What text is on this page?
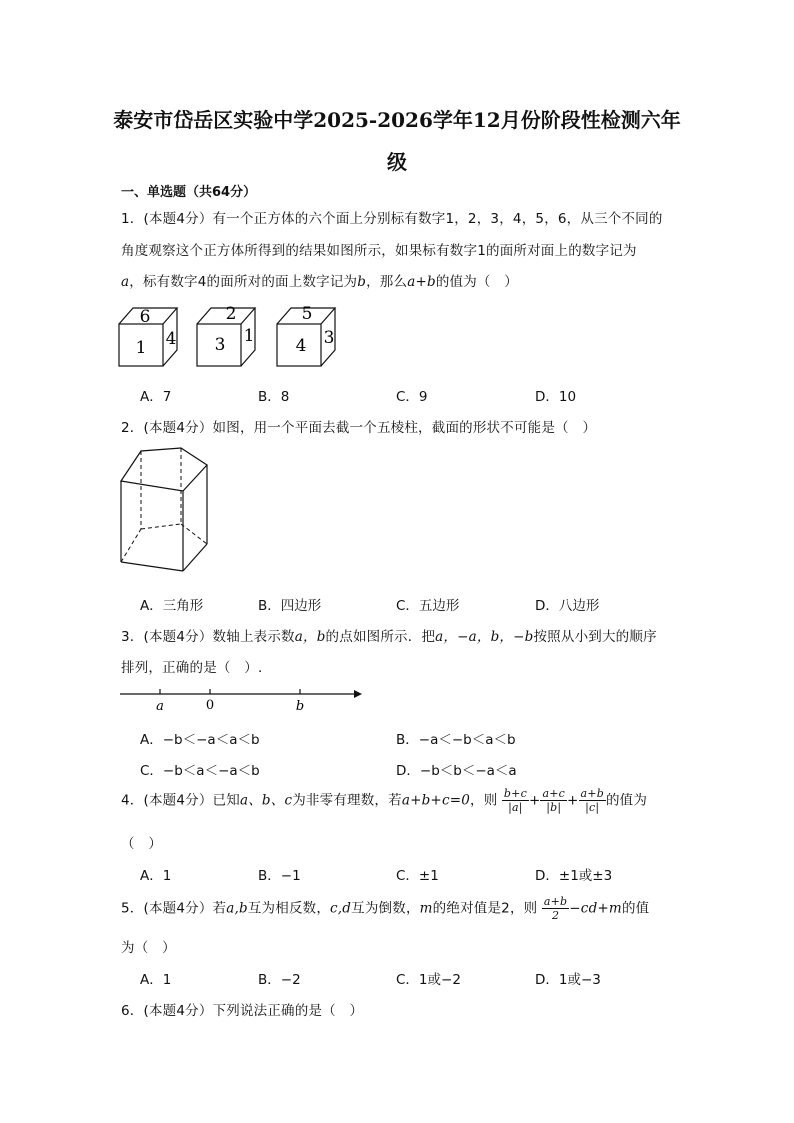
泰安市岱岳区实验中学2025-2026学年12月份阶段性检测六年
级
一、单选题（共64分）
1．(本题4分）有一个正方体的六个面上分别标有数字1，2，3，4，5，6，从三个不同的
角度观察这个正方体所得到的结果如图所示，如果标有数字1的面所对面上的数字记为
a，标有数字4的面所对的面上数字记为b，那么a+b的值为（　）
6
1 4
2
3 1
5
4 3
A．7	B．8	C．9	D．10
2．(本题4分）如图，用一个平面去截一个五棱柱，截面的形状不可能是（　）
A．三角形	B．四边形	C．五边形	D．八边形
3．(本题4分）数轴上表示数a，b的点如图所示．把a，−a，b，−b按照从小到大的顺序
排列，正确的是（　）.
a	0	b
A．−b＜−a＜a＜b	B．−a＜−b＜a＜b
C．−b＜a＜−a＜b	D．−b＜b＜−a＜a
4．(本题4分）已知a、b、c为非零有理数，若a+b+c=0，则 $\frac{b+c}{|a|} + \frac{a+c}{|b|} + \frac{a+b}{|c|}$ 的值为
（　）
A．1	B．−1	C．±1	D．±1或±3
5．(本题4分）若a,b互为相反数，c,d互为倒数，m的绝对值是2，则 $\frac{a+b}{2} -cd+m$的值
为（　）
A．1	B．−2	C．1或−2	D．1或−3
6．(本题4分）下列说法正确的是（　）
